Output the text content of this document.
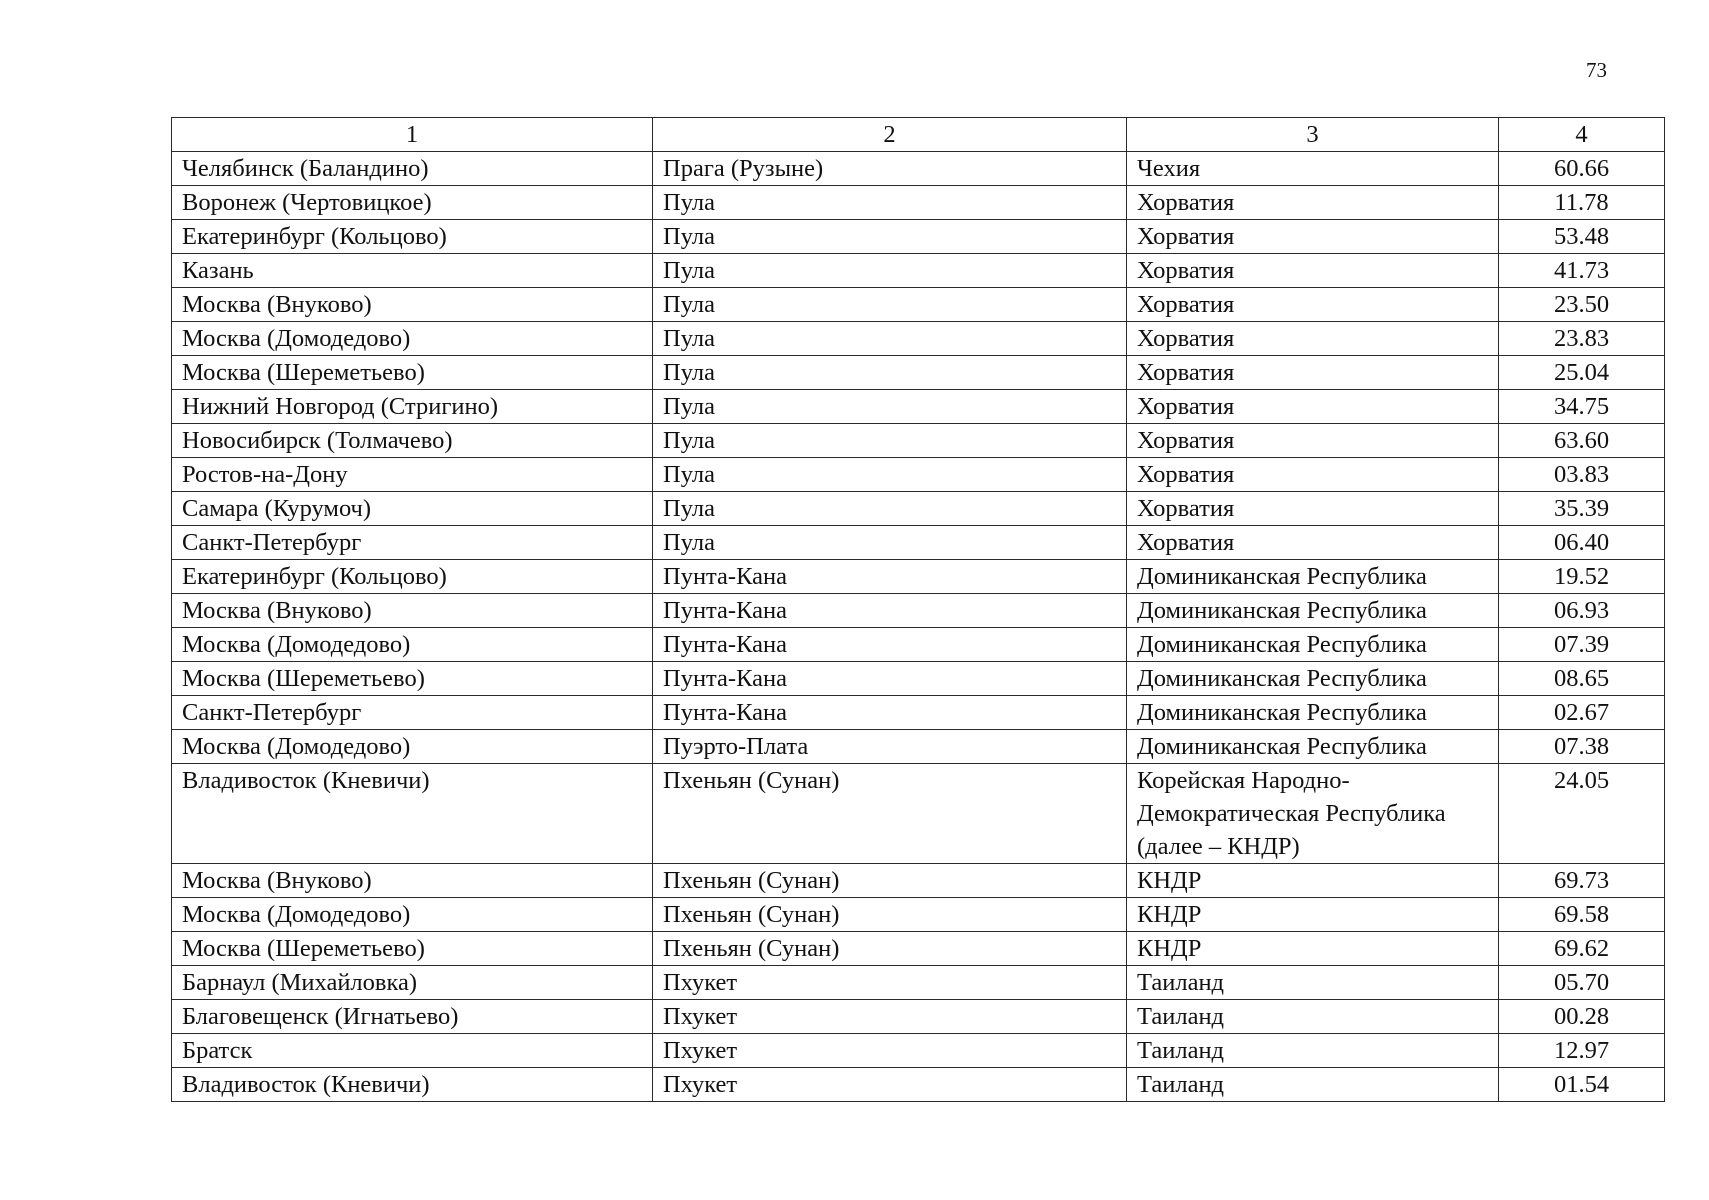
73
1	2	3	4
Челябинск (Баландино)	Прага (Рузыне)	Чехия	60.66
Воронеж (Чертовицкое)	Пула	Хорватия	11.78
Екатеринбург (Кольцово)	Пула	Хорватия	53.48
Казань	Пула	Хорватия	41.73
Москва (Внуково)	Пула	Хорватия	23.50
Москва (Домодедово)	Пула	Хорватия	23.83
Москва (Шереметьево)	Пула	Хорватия	25.04
Нижний Новгород (Стригино)	Пула	Хорватия	34.75
Новосибирск (Толмачево)	Пула	Хорватия	63.60
Ростов-на-Дону	Пула	Хорватия	03.83
Самара (Курумоч)	Пула	Хорватия	35.39
Санкт-Петербург	Пула	Хорватия	06.40
Екатеринбург (Кольцово)	Пунта-Кана	Доминиканская Республика	19.52
Москва (Внуково)	Пунта-Кана	Доминиканская Республика	06.93
Москва (Домодедово)	Пунта-Кана	Доминиканская Республика	07.39
Москва (Шереметьево)	Пунта-Кана	Доминиканская Республика	08.65
Санкт-Петербург	Пунта-Кана	Доминиканская Республика	02.67
Москва (Домодедово)	Пуэрто-Плата	Доминиканская Республика	07.38
Владивосток (Кневичи)	Пхеньян (Сунан)	Корейская Народно-Демократическая Республика (далее – КНДР)	24.05
Москва (Внуково)	Пхеньян (Сунан)	КНДР	69.73
Москва (Домодедово)	Пхеньян (Сунан)	КНДР	69.58
Москва (Шереметьево)	Пхеньян (Сунан)	КНДР	69.62
Барнаул (Михайловка)	Пхукет	Таиланд	05.70
Благовещенск (Игнатьево)	Пхукет	Таиланд	00.28
Братск	Пхукет	Таиланд	12.97
Владивосток (Кневичи)	Пхукет	Таиланд	01.54
